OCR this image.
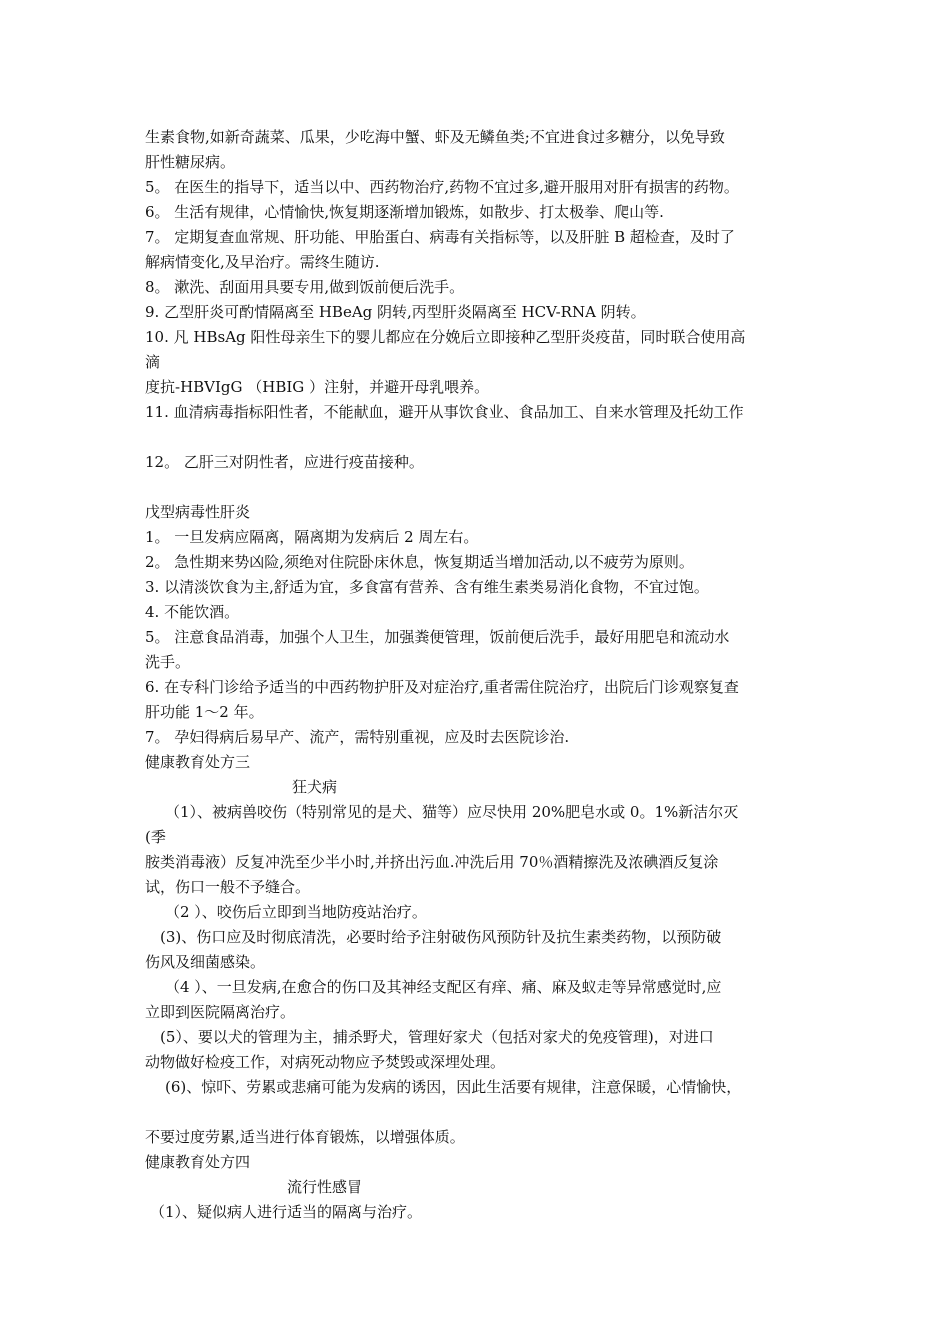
生素食物,如新奇蔬菜、瓜果，少吃海中蟹、虾及无鳞鱼类;不宜进食过多糖分，以免导致
肝性糖尿病。
5。 在医生的指导下，适当以中、西药物治疗,药物不宜过多,避开服用对肝有损害的药物。
6。 生活有规律，心情愉快,恢复期逐渐增加锻炼，如散步、打太极拳、爬山等.
7。 定期复查血常规、肝功能、甲胎蛋白、病毒有关指标等，以及肝脏 B 超检查，及时了
解病情变化,及早治疗。需终生随访.
8。 漱洗、刮面用具要专用,做到饭前便后洗手。
9. 乙型肝炎可酌情隔离至 HBeAg 阴转,丙型肝炎隔离至 HCV-RNA 阴转。
10. 凡 HBsAg 阳性母亲生下的婴儿都应在分娩后立即接种乙型肝炎疫苗，同时联合使用高
滴
度抗-HBVIgG （HBIG ）注射，并避开母乳喂养。
11. 血清病毒指标阳性者，不能献血，避开从事饮食业、食品加工、自来水管理及托幼工作
12。 乙肝三对阴性者，应进行疫苗接种。
戊型病毒性肝炎
1。 一旦发病应隔离，隔离期为发病后 2 周左右。
2。 急性期来势凶险,须绝对住院卧床休息，恢复期适当增加活动,以不疲劳为原则。
3. 以清淡饮食为主,舒适为宜，多食富有营养、含有维生素类易消化食物，不宜过饱。
4. 不能饮酒。
5。 注意食品消毒，加强个人卫生，加强粪便管理，饭前便后洗手，最好用肥皂和流动水
洗手。
6. 在专科门诊给予适当的中西药物护肝及对症治疗,重者需住院治疗，出院后门诊观察复查
肝功能 1～2 年。
7。 孕妇得病后易早产、流产，需特别重视，应及时去医院诊治.
健康教育处方三
狂犬病
（1）、被病兽咬伤（特别常见的是犬、猫等）应尽快用 20%肥皂水或 0。1%新洁尔灭
(季
胺类消毒液）反复冲洗至少半小时,并挤出污血.冲洗后用 70％酒精擦洗及浓碘酒反复涂
试，伤口一般不予缝合。
（2 ）、咬伤后立即到当地防疫站治疗。
(3)、伤口应及时彻底清洗，必要时给予注射破伤风预防针及抗生素类药物，以预防破
伤风及细菌感染。
（4 ）、一旦发病,在愈合的伤口及其神经支配区有痒、痛、麻及蚁走等异常感觉时,应
立即到医院隔离治疗。
(5）、要以犬的管理为主，捕杀野犬，管理好家犬（包括对家犬的免疫管理)，对进口
动物做好检疫工作，对病死动物应予焚毁或深埋处理。
(6)、惊吓、劳累或悲痛可能为发病的诱因，因此生活要有规律，注意保暖，心情愉快，
不要过度劳累,适当进行体育锻炼，以增强体质。
健康教育处方四
流行性感冒
（1）、疑似病人进行适当的隔离与治疗。
